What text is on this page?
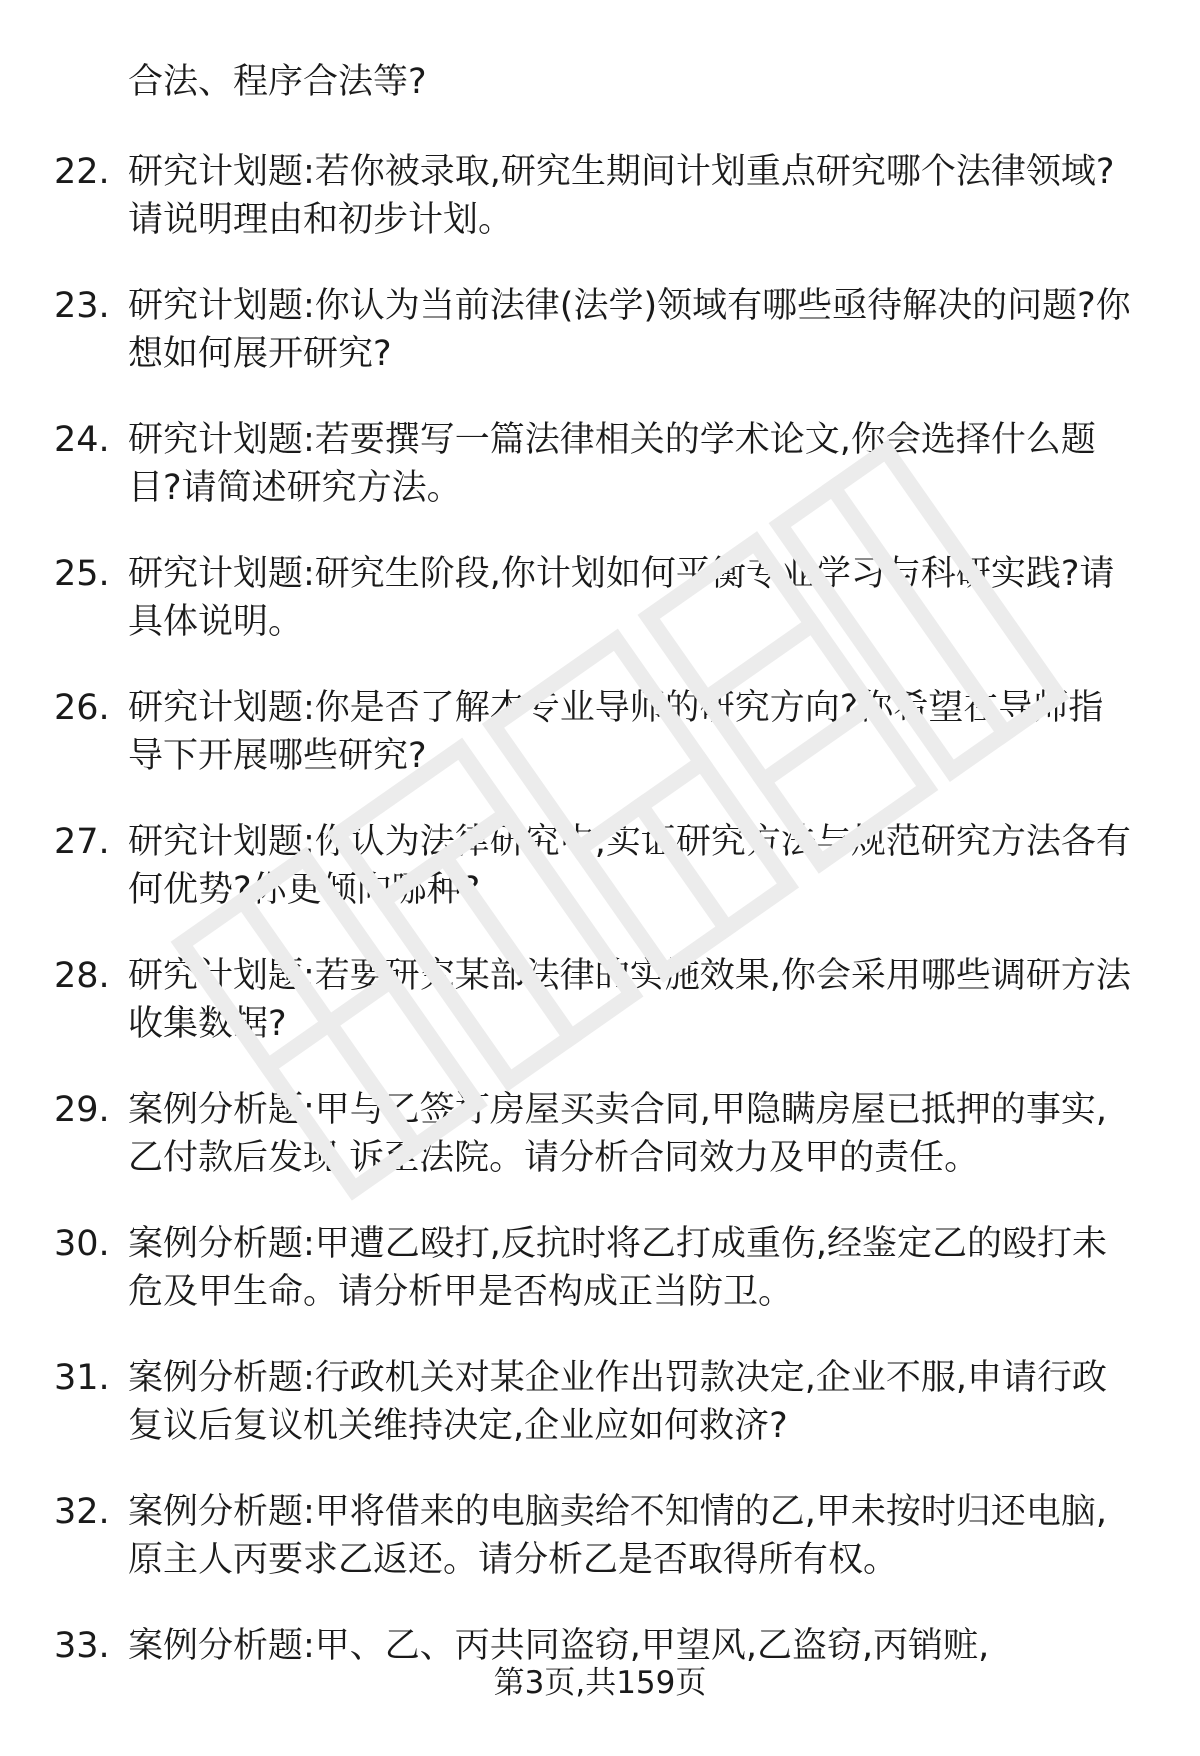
合法、程序合法等?

22. 研究计划题:若你被录取,研究生期间计划重点研究哪个法律领域?请说明理由和初步计划。
23. 研究计划题:你认为当前法律(法学)领域有哪些亟待解决的问题?你想如何展开研究?
24. 研究计划题:若要撰写一篇法律相关的学术论文,你会选择什么题目?请简述研究方法。
25. 研究计划题:研究生阶段,你计划如何平衡专业学习与科研实践?请具体说明。
26. 研究计划题:你是否了解本专业导师的研究方向?你希望在导师指导下开展哪些研究?
27. 研究计划题:你认为法律研究中,实证研究方法与规范研究方法各有何优势?你更倾向哪种?
28. 研究计划题:若要研究某部法律的实施效果,你会采用哪些调研方法收集数据?
29. 案例分析题:甲与乙签订房屋买卖合同,甲隐瞒房屋已抵押的事实,乙付款后发现,诉至法院。请分析合同效力及甲的责任。
30. 案例分析题:甲遭乙殴打,反抗时将乙打成重伤,经鉴定乙的殴打未危及甲生命。请分析甲是否构成正当防卫。
31. 案例分析题:行政机关对某企业作出罚款决定,企业不服,申请行政复议后复议机关维持决定,企业应如何救济?
32. 案例分析题:甲将借来的电脑卖给不知情的乙,甲未按时归还电脑,原主人丙要求乙返还。请分析乙是否取得所有权。
33. 案例分析题:甲、乙、丙共同盗窃,甲望风,乙盗窃,丙销赃,
第3页,共159页
